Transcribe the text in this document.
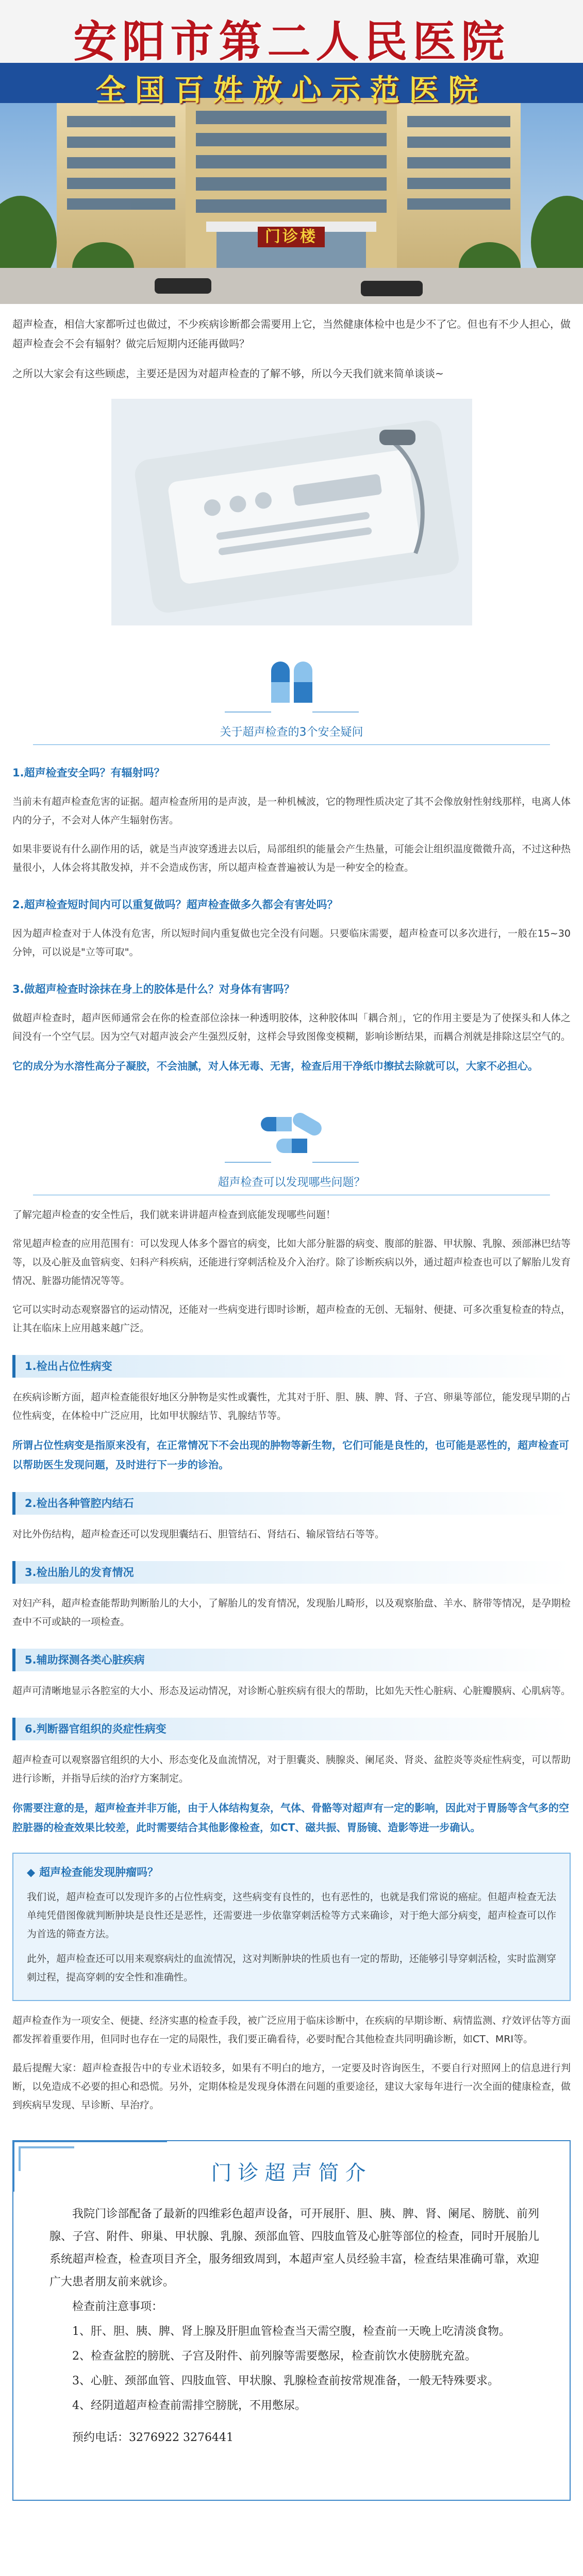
安阳市第二人民医院
全国百姓放心示范医院
门诊楼

超声检查，相信大家都听过也做过，不少疾病诊断都会需要用上它，当然健康体检中也是少不了它。但也有不少人担心，做超声检查会不会有辐射？做完后短期内还能再做吗？

之所以大家会有这些顾虑，主要还是因为对超声检查的了解不够，所以今天我们就来简单谈谈~

关于超声检查的3个安全疑问
1.超声检查安全吗？有辐射吗？

当前未有超声检查危害的证据。超声检查所用的是声波，是一种机械波，它的物理性质决定了其不会像放射性射线那样，电离人体内的分子，不会对人体产生辐射伤害。

如果非要说有什么副作用的话，就是当声波穿透进去以后，局部组织的能量会产生热量，可能会让组织温度微微升高，不过这种热量很小，人体会将其散发掉，并不会造成伤害，所以超声检查普遍被认为是一种安全的检查。

2.超声检查短时间内可以重复做吗？超声检查做多久都会有害处吗？

因为超声检查对于人体没有危害，所以短时间内重复做也完全没有问题。只要临床需要，超声检查可以多次进行，一般在15~30分钟，可以说是"立等可取"。

3.做超声检查时涂抹在身上的胶体是什么？对身体有害吗？

做超声检查时，超声医师通常会在你的检查部位涂抹一种透明胶体，这种胶体叫「耦合剂」，它的作用主要是为了使探头和人体之间没有一个空气层。因为空气对超声波会产生强烈反射，这样会导致图像变模糊，影响诊断结果，而耦合剂就是排除这层空气的。

它的成分为水溶性高分子凝胶，不会油腻，对人体无毒、无害，检查后用干净纸巾擦拭去除就可以，大家不必担心。

超声检查可以发现哪些问题？

了解完超声检查的安全性后，我们就来讲讲超声检查到底能发现哪些问题！

常见超声检查的应用范围有：可以发现人体多个器官的病变，比如大部分脏器的病变、腹部的脏器、甲状腺、乳腺、颈部淋巴结等等，以及心脏及血管病变、妇科产科疾病，还能进行穿刺活检及介入治疗。除了诊断疾病以外，通过超声检查也可以了解胎儿发育情况、脏器功能情况等等。

它可以实时动态观察器官的运动情况，还能对一些病变进行即时诊断，超声检查的无创、无辐射、便捷、可多次重复检查的特点，让其在临床上应用越来越广泛。

1.检出占位性病变

在疾病诊断方面，超声检查能很好地区分肿物是实性或囊性，尤其对于肝、胆、胰、脾、肾、子宫、卵巢等部位，能发现早期的占位性病变，在体检中广泛应用，比如甲状腺结节、乳腺结节等。

所谓占位性病变是指原来没有，在正常情况下不会出现的肿物等新生物，它们可能是良性的，也可能是恶性的，超声检查可以帮助医生发现问题，及时进行下一步的诊治。

2.检出各种管腔内结石

对比外伤结构，超声检查还可以发现胆囊结石、胆管结石、肾结石、输尿管结石等等。

3.检出胎儿的发育情况

对妇产科，超声检查能帮助判断胎儿的大小，了解胎儿的发育情况，发现胎儿畸形，以及观察胎盘、羊水、脐带等情况，是孕期检查中不可或缺的一项检查。

5.辅助探测各类心脏疾病

超声可清晰地显示各腔室的大小、形态及运动情况，对诊断心脏疾病有很大的帮助，比如先天性心脏病、心脏瓣膜病、心肌病等。

6.判断器官组织的炎症性病变

超声检查可以观察器官组织的大小、形态变化及血流情况，对于胆囊炎、胰腺炎、阑尾炎、肾炎、盆腔炎等炎症性病变，可以帮助进行诊断，并指导后续的治疗方案制定。

你需要注意的是，超声检查并非万能，由于人体结构复杂，气体、骨骼等对超声有一定的影响，因此对于胃肠等含气多的空腔脏器的检查效果比较差，此时需要结合其他影像检查，如CT、磁共振、胃肠镜、造影等进一步确认。

◆ 超声检查能发现肿瘤吗？

我们说，超声检查可以发现许多的占位性病变，这些病变有良性的，也有恶性的，也就是我们常说的癌症。但超声检查无法单纯凭借图像就判断肿块是良性还是恶性，还需要进一步依靠穿刺活检等方式来确诊，对于绝大部分病变，超声检查可以作为首选的筛查方法。

此外，超声检查还可以用来观察病灶的血流情况，这对判断肿块的性质也有一定的帮助，还能够引导穿刺活检，实时监测穿刺过程，提高穿刺的安全性和准确性。

超声检查作为一项安全、便捷、经济实惠的检查手段，被广泛应用于临床诊断中，在疾病的早期诊断、病情监测、疗效评估等方面都发挥着重要作用，但同时也存在一定的局限性，我们要正确看待，必要时配合其他检查共同明确诊断，如CT、MRI等。

最后提醒大家：超声检查报告中的专业术语较多，如果有不明白的地方，一定要及时咨询医生，不要自行对照网上的信息进行判断，以免造成不必要的担心和恐慌。另外，定期体检是发现身体潜在问题的重要途径，建议大家每年进行一次全面的健康检查，做到疾病早发现、早诊断、早治疗。

门诊超声简介

我院门诊部配备了最新的四维彩色超声设备，可开展肝、胆、胰、脾、肾、阑尾、膀胱、前列腺、子宫、附件、卵巢、甲状腺、乳腺、颈部血管、四肢血管及心脏等部位的检查，同时开展胎儿系统超声检查，检查项目齐全，服务细致周到，本超声室人员经验丰富，检查结果准确可靠，欢迎广大患者朋友前来就诊。

检查前注意事项：

1、肝、胆、胰、脾、肾上腺及肝胆血管检查当天需空腹，检查前一天晚上吃清淡食物。

2、检查盆腔的膀胱、子宫及附件、前列腺等需要憋尿，检查前饮水使膀胱充盈。

3、心脏、颈部血管、四肢血管、甲状腺、乳腺检查前按常规准备，一般无特殊要求。

4、经阴道超声检查前需排空膀胱，不用憋尿。

预约电话：3276922 3276441
